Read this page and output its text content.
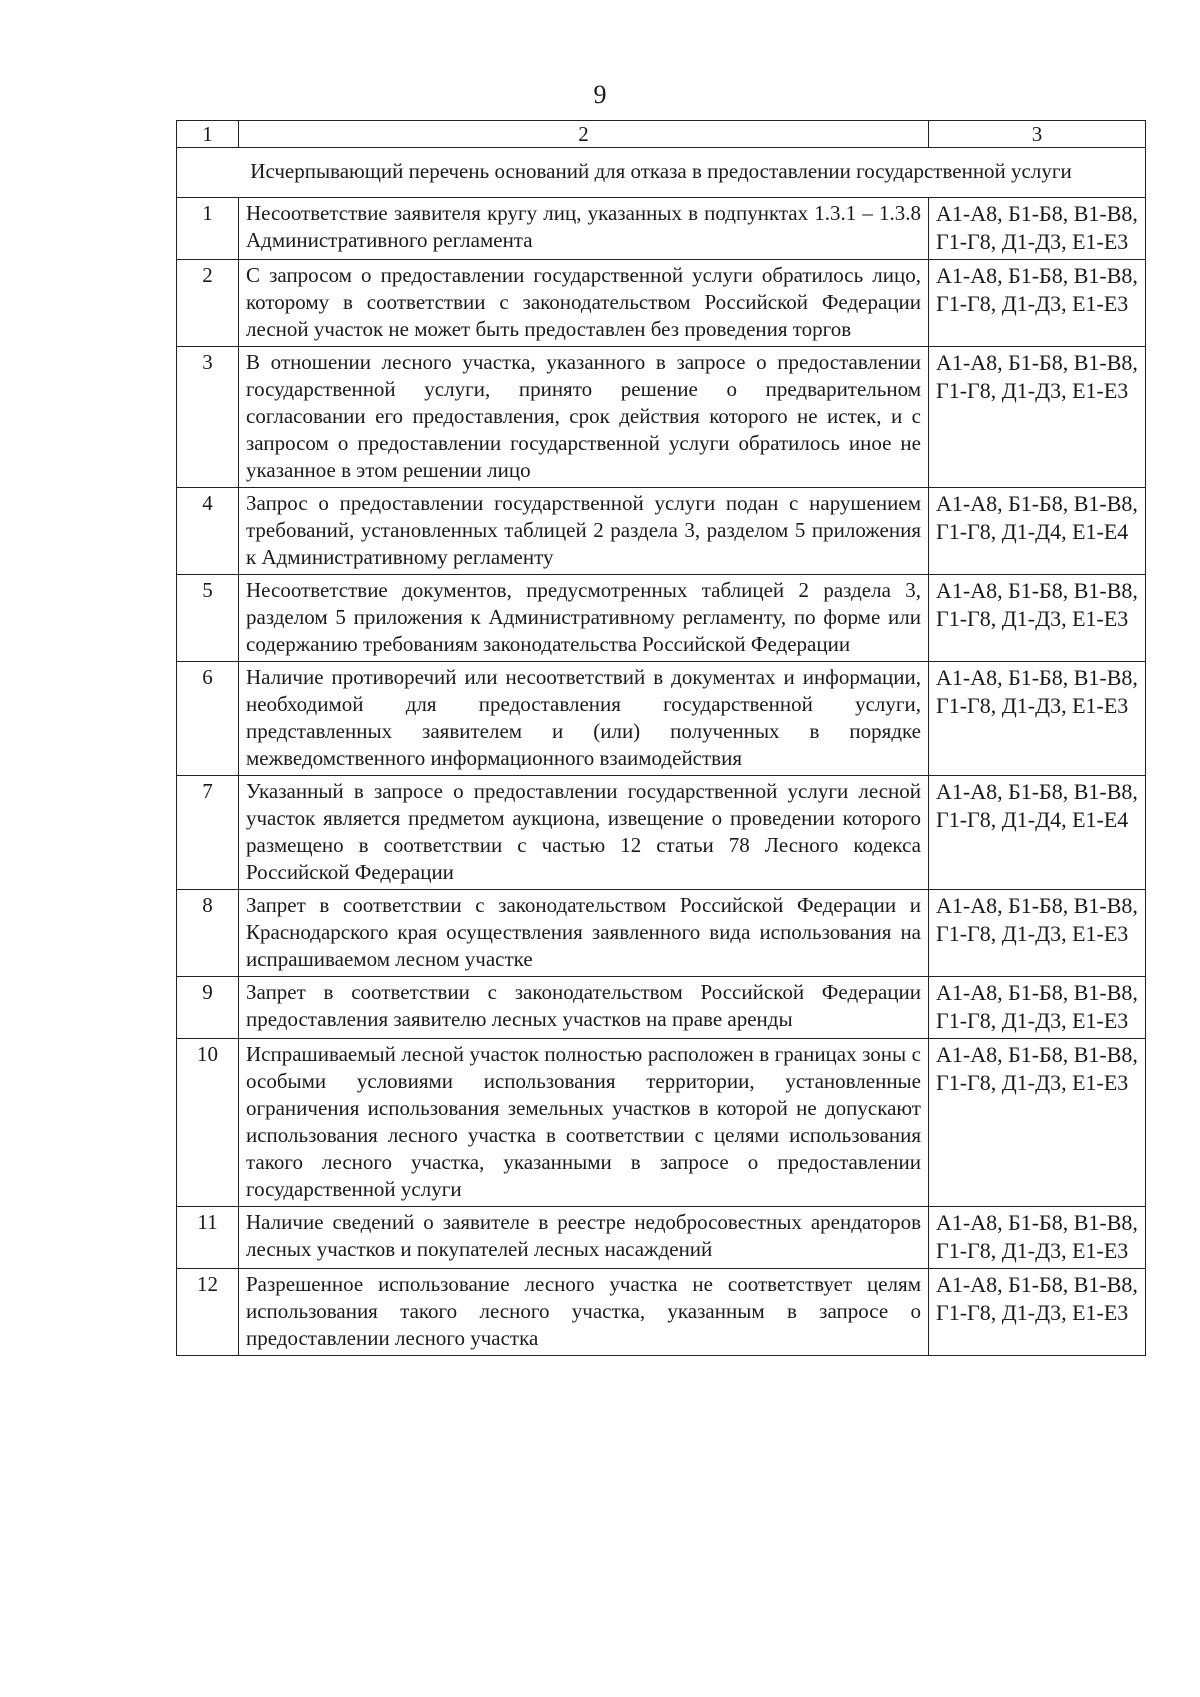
9
1	2	3
Исчерпывающий перечень оснований для отказа в предоставлении государственной услуги		
1	Несоответствие заявителя кругу лиц, указанных в подпунктах 1.3.1 – 1.3.8 Административного регламента	А1-А8, Б1-Б8, В1-В8,
Г1-Г8, Д1-Д3, Е1-Е3

2	С запросом о предоставлении государственной услуги обратилось лицо, которому в соответствии с законодательством Российской Федерации лесной участок не может быть предоставлен без проведения торгов	А1-А8, Б1-Б8, В1-В8,
Г1-Г8, Д1-Д3, Е1-Е3

3	В отношении лесного участка, указанного в запросе о предоставлении государственной услуги, принято решение о предварительном согласовании его предоставления, срок действия которого не истек, и с запросом о предоставлении государственной услуги обратилось иное не указанное в этом решении лицо	А1-А8, Б1-Б8, В1-В8,
Г1-Г8, Д1-Д3, Е1-Е3

4	Запрос о предоставлении государственной услуги подан с нарушением требований, установленных таблицей 2 раздела 3, разделом 5 приложения к Административному регламенту	А1-А8, Б1-Б8, В1-В8,
Г1-Г8, Д1-Д4, Е1-Е4

5	Несоответствие документов, предусмотренных таблицей 2 раздела 3, разделом 5 приложения к Административному регламенту, по форме или содержанию требованиям законодательства Российской Федерации	А1-А8, Б1-Б8, В1-В8,
Г1-Г8, Д1-Д3, Е1-Е3

6	Наличие противоречий или несоответствий в документах и информации, необходимой для предоставления государственной услуги, представленных заявителем и (или) полученных в порядке межведомственного информационного взаимодействия	А1-А8, Б1-Б8, В1-В8,
Г1-Г8, Д1-Д3, Е1-Е3

7	Указанный в запросе о предоставлении государственной услуги лесной участок является предметом аукциона, извещение о проведении которого размещено в соответствии с частью 12 статьи 78 Лесного кодекса Российской Федерации	А1-А8, Б1-Б8, В1-В8,
Г1-Г8, Д1-Д4, Е1-Е4

8	Запрет в соответствии с законодательством Российской Федерации и Краснодарского края осуществления заявленного вида использования на испрашиваемом лесном участке	А1-А8, Б1-Б8, В1-В8,
Г1-Г8, Д1-Д3, Е1-Е3

9	Запрет в соответствии с законодательством Российской Федерации предоставления заявителю лесных участков на праве аренды	А1-А8, Б1-Б8, В1-В8,
Г1-Г8, Д1-Д3, Е1-Е3

10	Испрашиваемый лесной участок полностью расположен в границах зоны с особыми условиями использования территории, установленные ограничения использования земельных участков в которой не допускают использования лесного участка в соответствии с целями использования такого лесного участка, указанными в запросе о предоставлении государственной услуги	А1-А8, Б1-Б8, В1-В8,
Г1-Г8, Д1-Д3, Е1-Е3

11	Наличие сведений о заявителе в реестре недобросовестных арендаторов лесных участков и покупателей лесных насаждений	А1-А8, Б1-Б8, В1-В8,
Г1-Г8, Д1-Д3, Е1-Е3

12	Разрешенное использование лесного участка не соответствует целям использования такого лесного участка, указанным в запросе о предоставлении лесного участка	А1-А8, Б1-Б8, В1-В8,
Г1-Г8, Д1-Д3, Е1-Е3
